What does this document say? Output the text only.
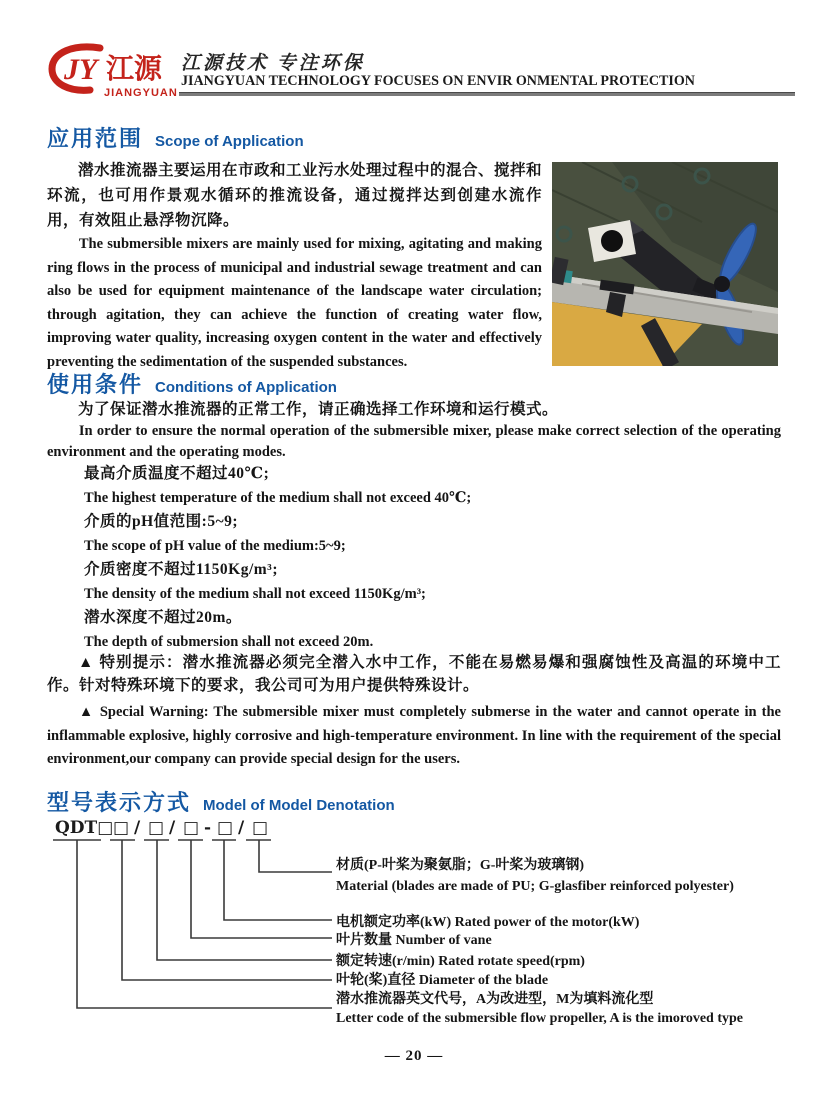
JY 江源
JIANGYUAN
江源技术 专注环保
JIANGYUAN TECHNOLOGY FOCUSES ON ENVIR ONMENTAL PROTECTION
应用范围 Scope of Application
潜水推流器主要运用在市政和工业污水处理过程中的混合、搅拌和环流，也可用作景观水循环的推流设备，通过搅拌达到创建水流作用，有效阻止悬浮物沉降。
The submersible mixers are mainly used for mixing, agitating and making ring flows in the process of municipal and industrial sewage treatment and can also be used for equipment maintenance of the landscape water circulation; through agitation, they can achieve the function of creating water flow, improving water quality, increasing oxygen content in the water and effectively preventing the sedimentation of the suspended substances.
使用条件 Conditions of Application
为了保证潜水推流器的正常工作，请正确选择工作环境和运行模式。
In order to ensure the normal operation of the submersible mixer, please make correct selection of the operating environment and the operating modes.
最高介质温度不超过40℃;
The highest temperature of the medium shall not exceed 40℃;
介质的pH值范围:5~9;
The scope of pH value of the medium:5~9;
介质密度不超过1150Kg/m³;
The density of the medium shall not exceed 1150Kg/m³;
潜水深度不超过20m。
The depth of submersion shall not exceed 20m.
▲ 特别提示：潜水推流器必须完全潜入水中工作，不能在易燃易爆和强腐蚀性及高温的环境中工作。针对特殊环境下的要求，我公司可为用户提供特殊设计。
▲ Special Warning: The submersible mixer must completely submerse in the water and cannot operate in the inflammable explosive, highly corrosive and high-temperature environment. In line with the requirement of the special environment,our company can provide special design for the users.
型号表示方式 Model of Model Denotation
QDT□ □ / □ / □ - □ / □
材质(P-叶桨为聚氨脂；G-叶桨为玻璃钢)
Material (blades are made of PU; G-glasfiber reinforced polyester)
电机额定功率(kW) Rated power of the motor(kW)
叶片数量 Number of vane
额定转速(r/min) Rated rotate speed(rpm)
叶轮(桨)直径 Diameter of the blade
潜水推流器英文代号，A为改进型，M为填料流化型
Letter code of the submersible flow propeller, A is the imoroved type
— 20 —
